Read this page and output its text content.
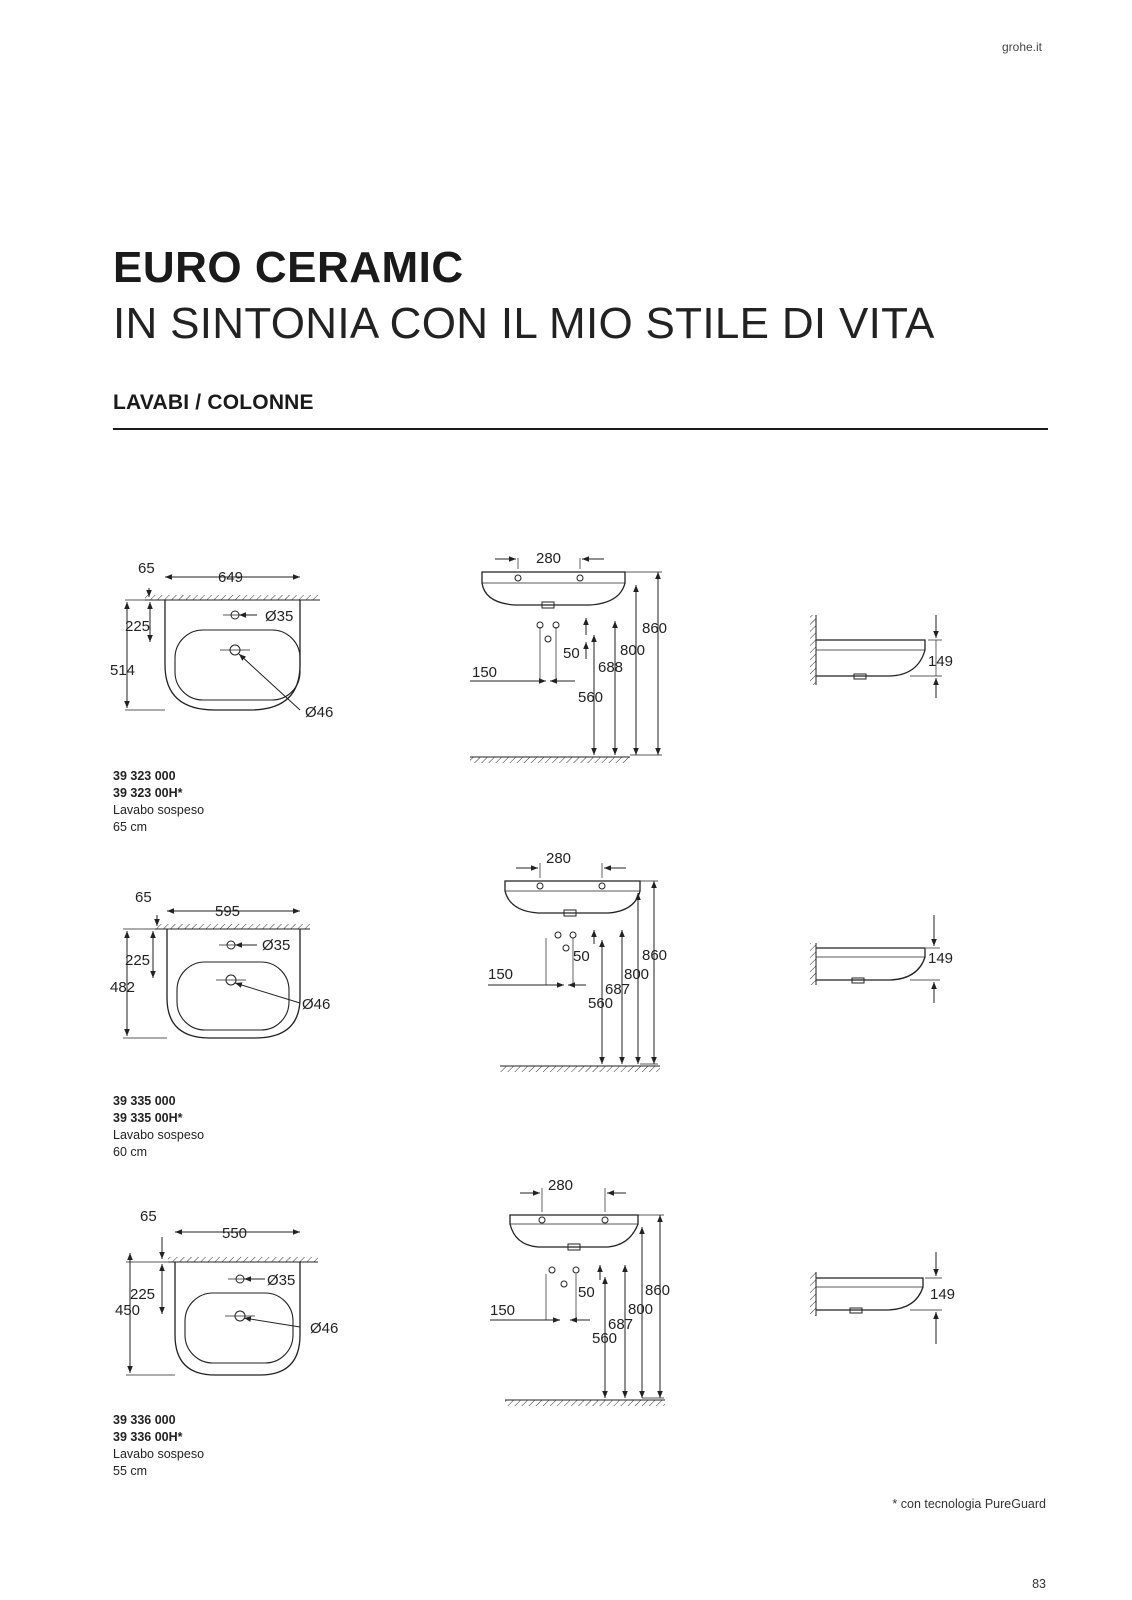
grohe.it
EURO CERAMIC
IN SINTONIA CON IL MIO STILE DI VITA
LAVABI / COLONNE
65
649
225
514
Ø35
Ø46
280
150
50
560
688
800
860
149
39 323 000
39 323 00H*
Lavabo sospeso
65 cm
65
595
225
482
Ø35
Ø46
280
150
50
560
687
800
860	149
39 335 000
39 335 00H*
Lavabo sospeso
60 cm
65
550
225
450
Ø35
Ø46
280
150
50
560
687
800
860	149
39 336 000
39 336 00H*
Lavabo sospeso
55 cm
* con tecnologia PureGuard
83
